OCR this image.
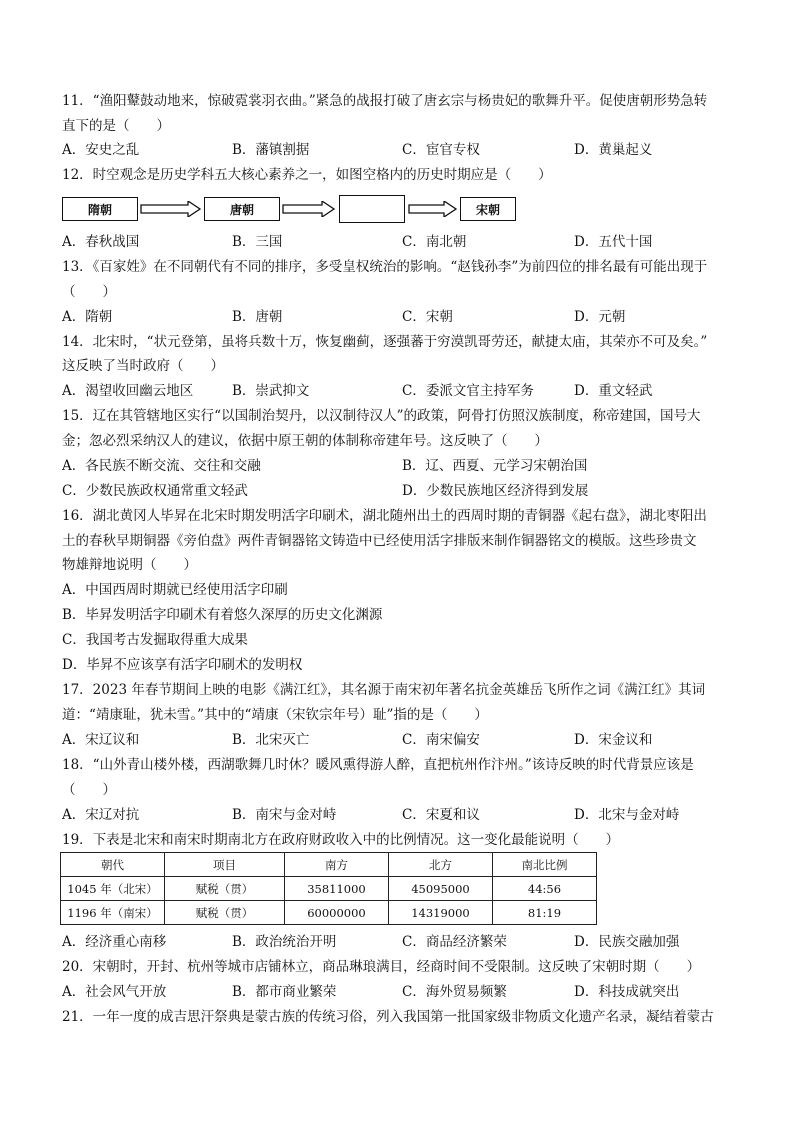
11．“渔阳鼙鼓动地来，惊破霓裳羽衣曲。”紧急的战报打破了唐玄宗与杨贵妃的歌舞升平。促使唐朝形势急转
直下的是（　　）
A．安史之乱	B．藩镇割据	C．宦官专权	D．黄巢起义
12．时空观念是历史学科五大核心素养之一，如图空格内的历史时期应是（　　）
隋朝	唐朝	宋朝
A．春秋战国	B．三国	C．南北朝	D．五代十国
13．《百家姓》在不同朝代有不同的排序，多受皇权统治的影响。“赵钱孙李”为前四位的排名最有可能出现于
（　　）
A．隋朝	B．唐朝	C．宋朝	D．元朝
14．北宋时，“状元登第，虽将兵数十万，恢复幽蓟，逐强蕃于穷漠凯哥劳还，献捷太庙，其荣亦不可及矣。”
这反映了当时政府（　　）
A．渴望收回幽云地区	B．崇武抑文	C．委派文官主持军务	D．重文轻武
15．辽在其管辖地区实行“以国制治契丹，以汉制待汉人”的政策，阿骨打仿照汉族制度，称帝建国，国号大
金；忽必烈采纳汉人的建议，依据中原王朝的体制称帝建年号。这反映了（　　）
A．各民族不断交流、交往和交融	B．辽、西夏、元学习宋朝治国
C．少数民族政权通常重文轻武	D．少数民族地区经济得到发展
16．湖北黄冈人毕昇在北宋时期发明活字印刷术，湖北随州出土的西周时期的青铜器《起右盘》，湖北枣阳出
土的春秋早期铜器《旁伯盘》两件青铜器铭文铸造中已经使用活字排版来制作铜器铭文的模版。这些珍贵文
物雄辩地说明（　　）
A．中国西周时期就已经使用活字印刷
B．毕昇发明活字印刷术有着悠久深厚的历史文化渊源
C．我国考古发掘取得重大成果
D．毕昇不应该享有活字印刷术的发明权
17．2023 年春节期间上映的电影《满江红》，其名源于南宋初年著名抗金英雄岳飞所作之词《满江红》其词
道：“靖康耻，犹未雪。”其中的“靖康（宋钦宗年号）耻”指的是（　　）
A．宋辽议和	B．北宋灭亡	C．南宋偏安	D．宋金议和
18．“山外青山楼外楼，西湖歌舞几时休？暖风熏得游人醉，直把杭州作汴州。”该诗反映的时代背景应该是
（　　）
A．宋辽对抗	B．南宋与金对峙	C．宋夏和议	D．北宋与金对峙
19．下表是北宋和南宋时期南北方在政府财政收入中的比例情况。这一变化最能说明（　　）
朝代	项目	南方	北方	南北比例
1045 年（北宋）	赋税（贯）	35811000	45095000	44:56
1196 年（南宋）	赋税（贯）	60000000	14319000	81:19
A．经济重心南移	B．政治统治开明	C．商品经济繁荣	D．民族交融加强
20．宋朝时，开封、杭州等城市店铺林立，商品琳琅满目，经商时间不受限制。这反映了宋朝时期（　　）
A．社会风气开放	B．都市商业繁荣	C．海外贸易频繁	D．科技成就突出
21．一年一度的成吉思汗祭典是蒙古族的传统习俗，列入我国第一批国家级非物质文化遗产名录，凝结着蒙古
